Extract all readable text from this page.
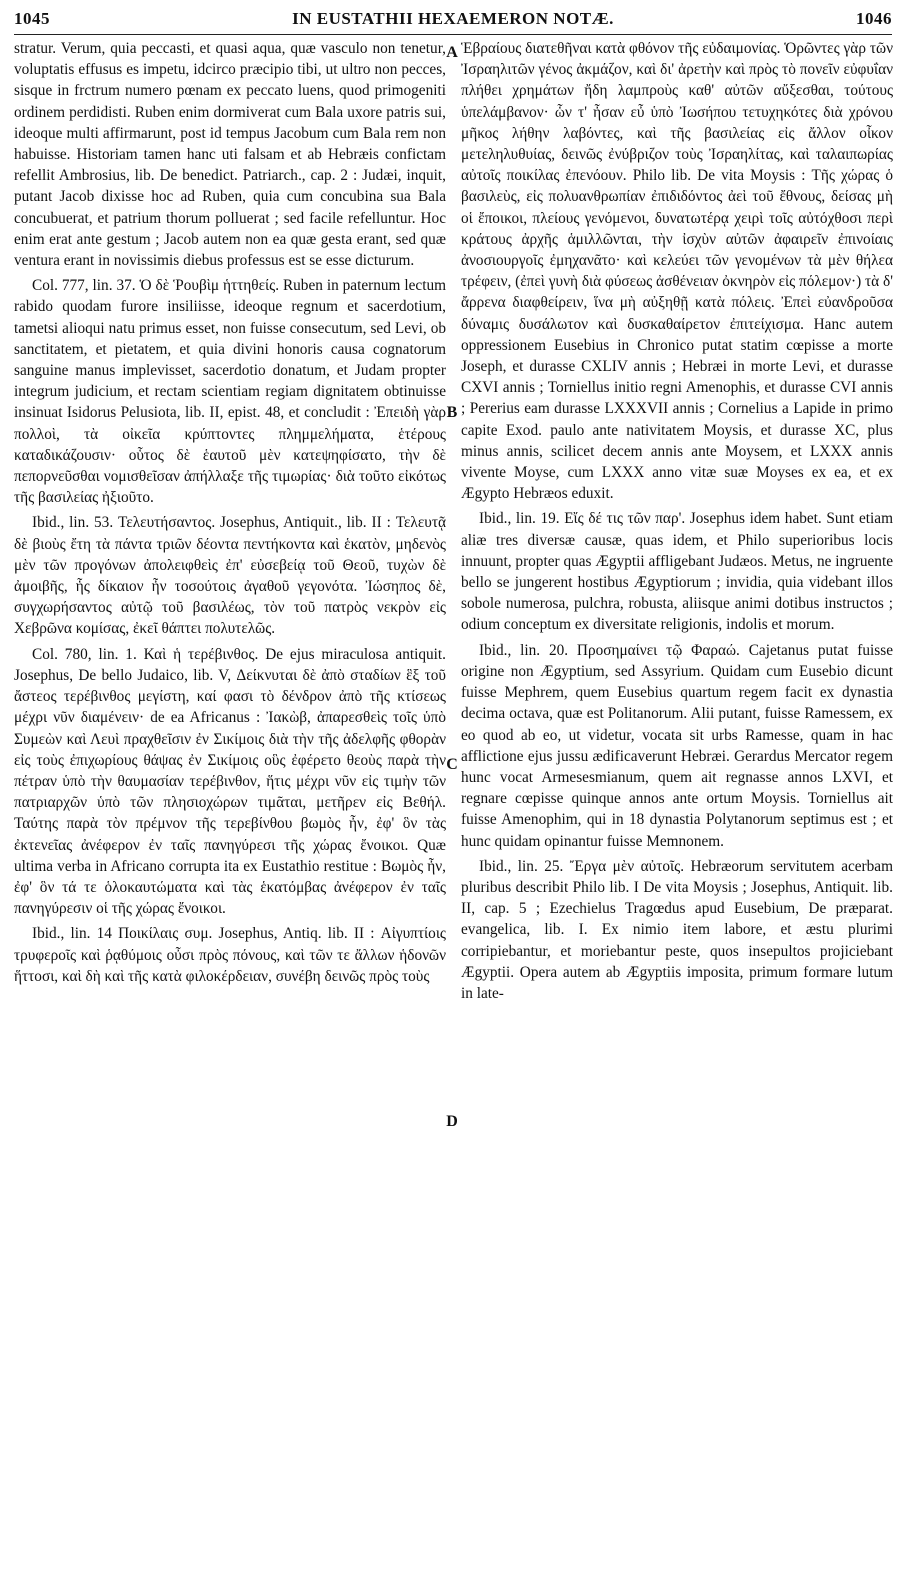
1045	IN EUSTATHII HEXAEMERON NOTÆ.	1046

stratur. Verum, quia peccasti, et quasi aqua, quæ vasculo non tenetur, voluptatis effusus es impetu, idcirco præcipio tibi, ut ultro non pecces, sisque in frctrum numero pœnam ex peccato luens, quod primogeniti ordinem perdidisti. Ruben enim dormiverat cum Bala uxore patris sui, ideoque multi affirmarunt, post id tempus Jacobum cum Bala rem non habuisse. Historiam tamen hanc uti falsam et ab Hebræis confictam refellit Ambrosius, lib. De benedict. Patriarch., cap. 2 : Judæi, inquit, putant Jacob dixisse hoc ad Ruben, quia cum concubina sua Bala concubuerat, et patrium thorum polluerat ; sed facile refelluntur. Hoc enim erat ante gestum ; Jacob autem non ea quæ gesta erant, sed quæ ventura erant in novissimis diebus professus est se esse dicturum.

Col. 777, lin. 37. Ὁ δὲ Ῥουβὶμ ἡττηθείς. Ruben in paternum lectum rabido quodam furore insiliisse, ideoque regnum et sacerdotium, tametsi alioqui natu primus esset, non fuisse consecutum, sed Levi, ob sanctitatem, et pietatem, et quia divini honoris causa cognatorum sanguine manus implevisset, sacerdotio donatum, et Judam propter integrum judicium, et rectam scientiam regiam dignitatem obtinuisse insinuat Isidorus Pelusiota, lib. II, epist. 48, et concludit : Ἐπειδὴ γὰρ πολλοὶ, τὰ οἰκεῖα κρύπτοντες πλημμελήματα, ἑτέρους καταδικάζουσιν· οὗτος δὲ ἑαυτοῦ μὲν κατεψηφίσατο, τὴν δὲ πεπορνεῦσθαι νομισθεῖσαν ἀπήλλαξε τῆς τιμωρίας· διὰ τοῦτο εἰκότως τῆς βασιλείας ἠξιοῦτο.

Ibid., lin. 53. Τελευτήσαντος. Josephus, Antiquit., lib. II : Τελευτᾷ δὲ βιοὺς ἔτη τὰ πάντα τριῶν δέοντα πεντήκοντα καὶ ἑκατὸν, μηδενὸς μὲν τῶν προγόνων ἀπολειφθεὶς ἐπ' εὐσεβείᾳ τοῦ Θεοῦ, τυχὼν δὲ ἀμοιβῆς, ἧς δίκαιον ἦν τοσούτοις ἀγαθοῦ γεγονότα. Ἰώσηπος δὲ, συγχωρήσαντος αὐτῷ τοῦ βασιλέως, τὸν τοῦ πατρὸς νεκρὸν εἰς Χεβρῶνα κομίσας, ἐκεῖ θάπτει πολυτελῶς.

Col. 780, lin. 1. Καὶ ἡ τερέβινθος. De ejus miraculosa antiquit. Josephus, De bello Judaico, lib. V, Δείκνυται δὲ ἀπὸ σταδίων ἓξ τοῦ ἄστεος τερέβινθος μεγίστη, καί φασι τὸ δένδρον ἀπὸ τῆς κτίσεως μέχρι νῦν διαμένειν· de ea Africanus : Ἰακὼβ, ἀπαρεσθεὶς τοῖς ὑπὸ Συμεὼν καὶ Λευὶ πραχθεῖσιν ἐν Σικίμοις διὰ τὴν τῆς ἀδελφῆς φθορὰν εἰς τοὺς ἐπιχωρίους θάψας ἐν Σικίμοις οὓς ἐφέρετο θεοὺς παρὰ τὴν πέτραν ὑπὸ τὴν θαυμασίαν τερέβινθον, ἥτις μέχρι νῦν εἰς τιμὴν τῶν πατριαρχῶν ὑπὸ τῶν πλησιοχώρων τιμᾶται, μετῆρεν εἰς Βεθήλ. Ταύτης παρὰ τὸν πρέμνον τῆς τερεβίνθου βωμὸς ἦν, ἐφ' ὃν τὰς ἐκτενεῖας ἀνέφερον ἐν ταῖς πανηγύρεσι τῆς χώρας ἔνοικοι. Quæ ultima verba in Africano corrupta ita ex Eustathio restitue : Βωμὸς ἦν, ἐφ' ὃν τά τε ὁλοκαυτώματα καὶ τὰς ἑκατόμβας ἀνέφερον ἐν ταῖς πανηγύρεσιν οἱ τῆς χώρας ἔνοικοι.

Ibid., lin. 14 Ποικίλαις συμ. Josephus, Antiq. lib. II : Αἰγυπτίοις τρυφεροῖς καὶ ῥᾳθύμοις οὖσι πρὸς πόνους, καὶ τῶν τε ἄλλων ἡδονῶν ἥττοσι, καὶ δὴ καὶ τῆς κατὰ φιλοκέρδειαν, συνέβη δεινῶς πρὸς τοὺς

Ἑβραίους διατεθῆναι κατὰ φθόνον τῆς εὐδαιμονίας. Ὁρῶντες γὰρ τῶν Ἰσραηλιτῶν γένος ἀκμάζον, καὶ δι' ἀρετὴν καὶ πρὸς τὸ πονεῖν εὐφυΐαν πλήθει χρημάτων ἤδη λαμπροὺς καθ' αὐτῶν αὔξεσθαι, τούτους ὑπελάμβανον· ὧν τ' ἦσαν εὖ ὑπὸ Ἰωσήπου τετυχηκότες διὰ χρόνου μῆκος λήθην λαβόντες, καὶ τῆς βασιλείας εἰς ἄλλον οἶκον μετεληλυθυίας, δεινῶς ἐνύβριζον τοὺς Ἰσραηλίτας, καὶ ταλαιπωρίας αὐτοῖς ποικίλας ἐπενόουν. Philo lib. De vita Moysis : Τῆς χώρας ὁ βασιλεὺς, εἰς πολυανθρωπίαν ἐπιδιδόντος ἀεὶ τοῦ ἔθνους, δείσας μὴ οἱ ἔποικοι, πλείους γενόμενοι, δυνατωτέρᾳ χειρὶ τοῖς αὐτόχθοσι περὶ κράτους ἀρχῆς ἁμιλλῶνται, τὴν ἰσχὺν αὐτῶν ἀφαιρεῖν ἐπινοίαις ἀνοσιουργοῖς ἐμηχανᾶτο· καὶ κελεύει τῶν γενομένων τὰ μὲν θήλεα τρέφειν, (ἐπεὶ γυνὴ διὰ φύσεως ἀσθένειαν ὀκνηρὸν εἰς πόλεμον·) τὰ δ' ἄρρενα διαφθείρειν, ἵνα μὴ αὐξηθῇ κατὰ πόλεις. Ἐπεὶ εὐανδροῦσα δύναμις δυσάλωτον καὶ δυσκαθαίρετον ἐπιτείχισμα. Hanc autem oppressionem Eusebius in Chronico putat statim cœpisse a morte Joseph, et durasse CXLIV annis ; Hebræi in morte Levi, et durasse CXVI annis ; Torniellus initio regni Amenophis, et durasse CVI annis ; Pererius eam durasse LXXXVII annis ; Cornelius a Lapide in primo capite Exod. paulo ante nativitatem Moysis, et durasse XC, plus minus annis, scilicet decem annis ante Moysem, et LXXX annis vivente Moyse, cum LXXX anno vitæ suæ Moyses ex ea, et ex Ægypto Hebræos eduxit.

Ibid., lin. 19. Εἴς δέ τις τῶν παρ'. Josephus idem habet. Sunt etiam aliæ tres diversæ causæ, quas idem, et Philo superioribus locis innuunt, propter quas Ægyptii affligebant Judæos. Metus, ne ingruente bello se jungerent hostibus Ægyptiorum ; invidia, quia videbant illos sobole numerosa, pulchra, robusta, aliisque animi dotibus instructos ; odium conceptum ex diversitate religionis, indolis et morum.

Ibid., lin. 20. Προσημαίνει τῷ Φαραώ. Cajetanus putat fuisse origine non Ægyptium, sed Assyrium. Quidam cum Eusebio dicunt fuisse Mephrem, quem Eusebius quartum regem facit ex dynastia decima octava, quæ est Politanorum. Alii putant, fuisse Ramessem, ex eo quod ab eo, ut videtur, vocata sit urbs Ramesse, quam in hac afflictione ejus jussu ædificaverunt Hebræi. Gerardus Mercator regem hunc vocat Armesesmianum, quem ait regnasse annos LXVI, et regnare cœpisse quinque annos ante ortum Moysis. Torniellus ait fuisse Amenophim, qui in 18 dynastia Polytanorum septimus est ; et hunc quidam opinantur fuisse Memnonem.

Ibid., lin. 25. Ἔργα μὲν αὐτοῖς. Hebræorum servitutem acerbam pluribus describit Philo lib. I De vita Moysis ; Josephus, Antiquit. lib. II, cap. 5 ; Ezechielus Tragœdus apud Eusebium, De præparat. evangelica, lib. I. Ex nimio item labore, et æstu plurimi corripiebantur, et moriebantur peste, quos insepultos projiciebant Ægyptii. Opera autem ab Ægyptiis imposita, primum formare lutum in late-

A
B
C
D
